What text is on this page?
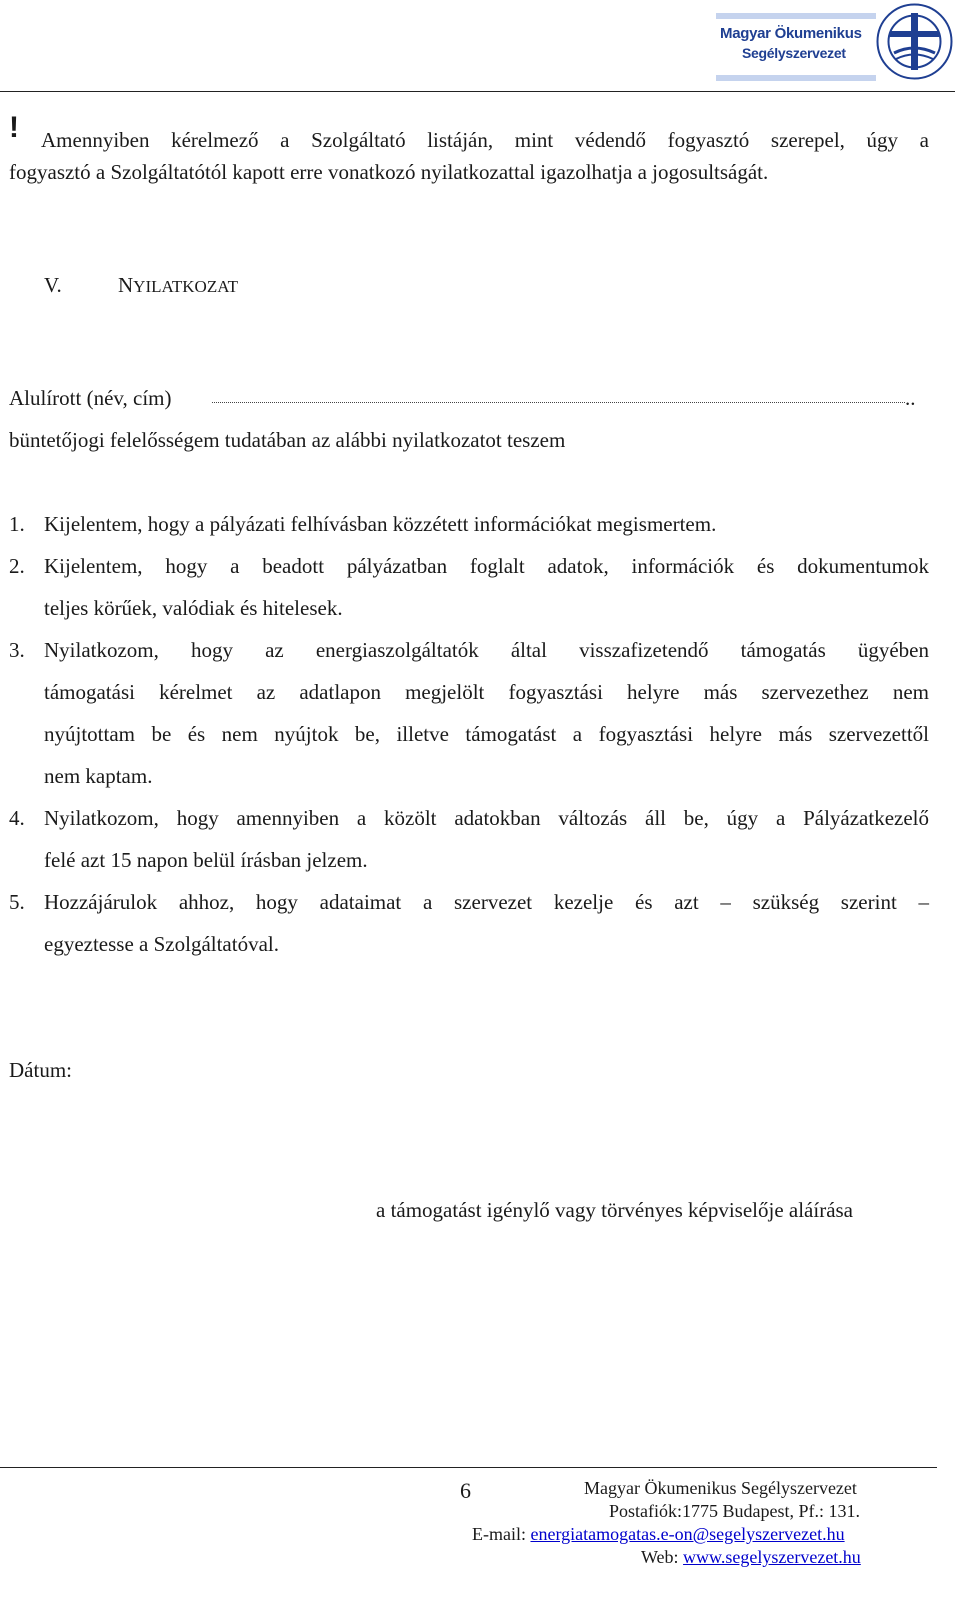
Magyar Ökumenikus
Segélyszervezet
! Amennyiben kérelmező a Szolgáltató listáján, mint védendő fogyasztó szerepel, úgy a
fogyasztó a Szolgáltatótól kapott erre vonatkozó nyilatkozattal igazolhatja a jogosultságát.
V.	NYILATKOZAT
Alulírott (név, cím)	..
büntetőjogi felelősségem tudatában az alábbi nyilatkozatot teszem
1. Kijelentem, hogy a pályázati felhívásban közzétett információkat megismertem.
2. Kijelentem, hogy a beadott pályázatban foglalt adatok, információk és dokumentumok
teljes körűek, valódiak és hitelesek.
3. Nyilatkozom, hogy az energiaszolgáltatók által visszafizetendő támogatás ügyében
támogatási kérelmet az adatlapon megjelölt fogyasztási helyre más szervezethez nem
nyújtottam be és nem nyújtok be, illetve támogatást a fogyasztási helyre más szervezettől
nem kaptam.
4. Nyilatkozom, hogy amennyiben a közölt adatokban változás áll be, úgy a Pályázatkezelő
felé azt 15 napon belül írásban jelzem.
5. Hozzájárulok ahhoz, hogy adataimat a szervezet kezelje és azt – szükség szerint –
egyeztesse a Szolgáltatóval.
Dátum:
a támogatást igénylő vagy törvényes képviselője aláírása
6	Magyar Ökumenikus Segélyszervezet
Postafiók:1775 Budapest, Pf.: 131.
E-mail: energiatamogatas.e-on@segelyszervezet.hu
Web: www.segelyszervezet.hu
